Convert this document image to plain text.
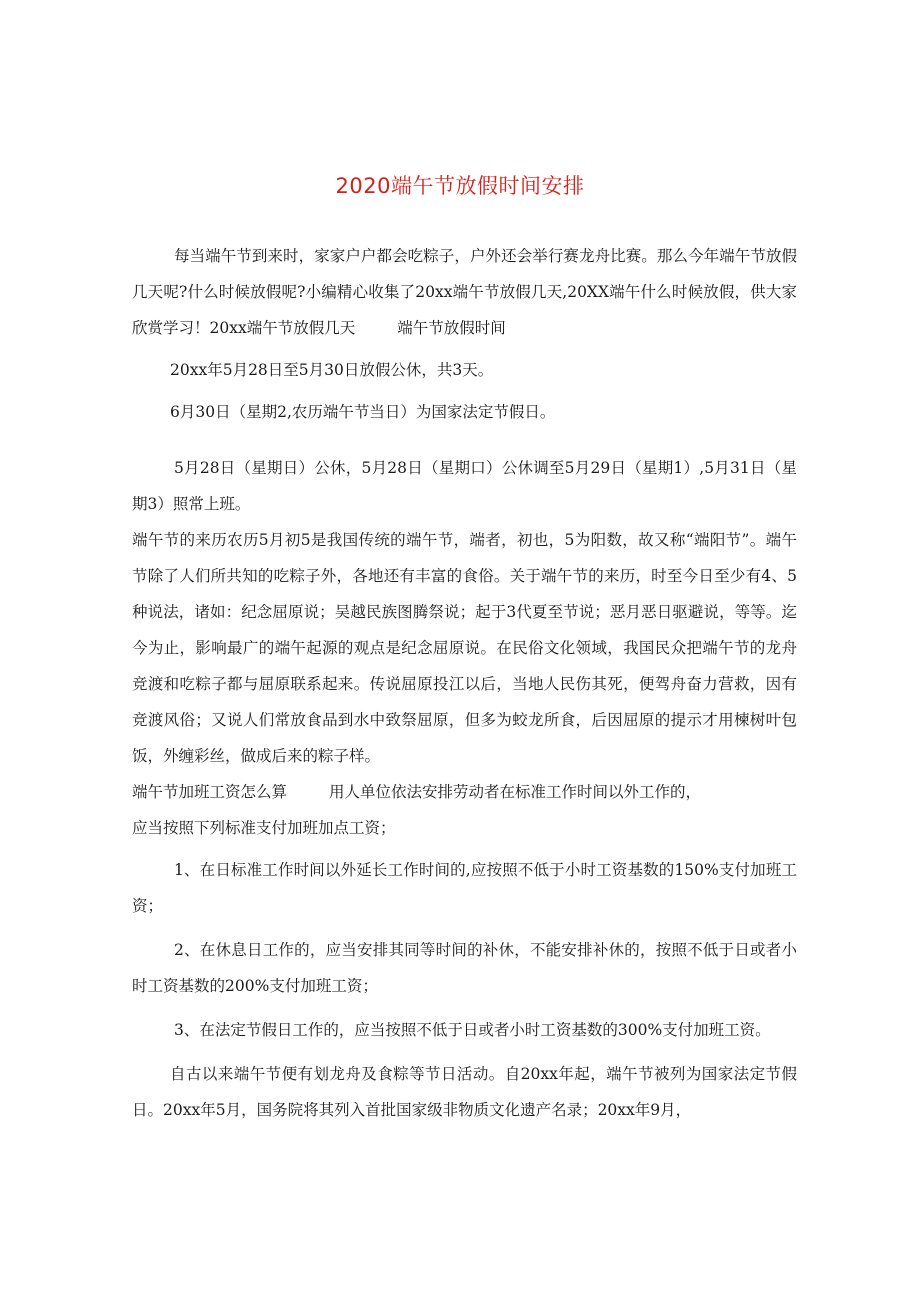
2020端午节放假时间安排

每当端午节到来时，家家户户都会吃粽子，户外还会举行赛龙舟比赛。那么今年端午节放假几天呢?什么时候放假呢?小编精心收集了20xx端午节放假几天,20XX端午什么时候放假，供大家欣赏学习！20xx端午节放假几天	端午节放假时间

20xx年5月28日至5月30日放假公休，共3天。

6月30日（星期2,农历端午节当日）为国家法定节假日。

5月28日（星期日）公休，5月28日（星期口）公休调至5月29日（星期1）,5月31日（星期3）照常上班。

端午节的来历农历5月初5是我国传统的端午节，端者，初也，5为阳数，故又称“端阳节”。端午节除了人们所共知的吃粽子外，各地还有丰富的食俗。关于端午节的来历，时至今日至少有4、5种说法，诸如：纪念屈原说；吴越民族图腾祭说；起于3代夏至节说；恶月恶日驱避说，等等。迄今为止，影响最广的端午起源的观点是纪念屈原说。在民俗文化领域，我国民众把端午节的龙舟竞渡和吃粽子都与屈原联系起来。传说屈原投江以后，当地人民伤其死，便驾舟奋力营救，因有竞渡风俗；又说人们常放食品到水中致祭屈原，但多为蛟龙所食，后因屈原的提示才用楝树叶包饭，外缠彩丝，做成后来的粽子样。

端午节加班工资怎么算	用人单位依法安排劳动者在标准工作时间以外工作的，

应当按照下列标准支付加班加点工资；

1、在日标准工作时间以外延长工作时间的,应按照不低于小时工资基数的150%支付加班工资；

2、在休息日工作的，应当安排其同等时间的补休，不能安排补休的，按照不低于日或者小时工资基数的200%支付加班工资；

3、在法定节假日工作的，应当按照不低于日或者小时工资基数的300%支付加班工资。

自古以来端午节便有划龙舟及食粽等节日活动。自20xx年起，端午节被列为国家法定节假日。20xx年5月，国务院将其列入首批国家级非物质文化遗产名录；20xx年9月，
